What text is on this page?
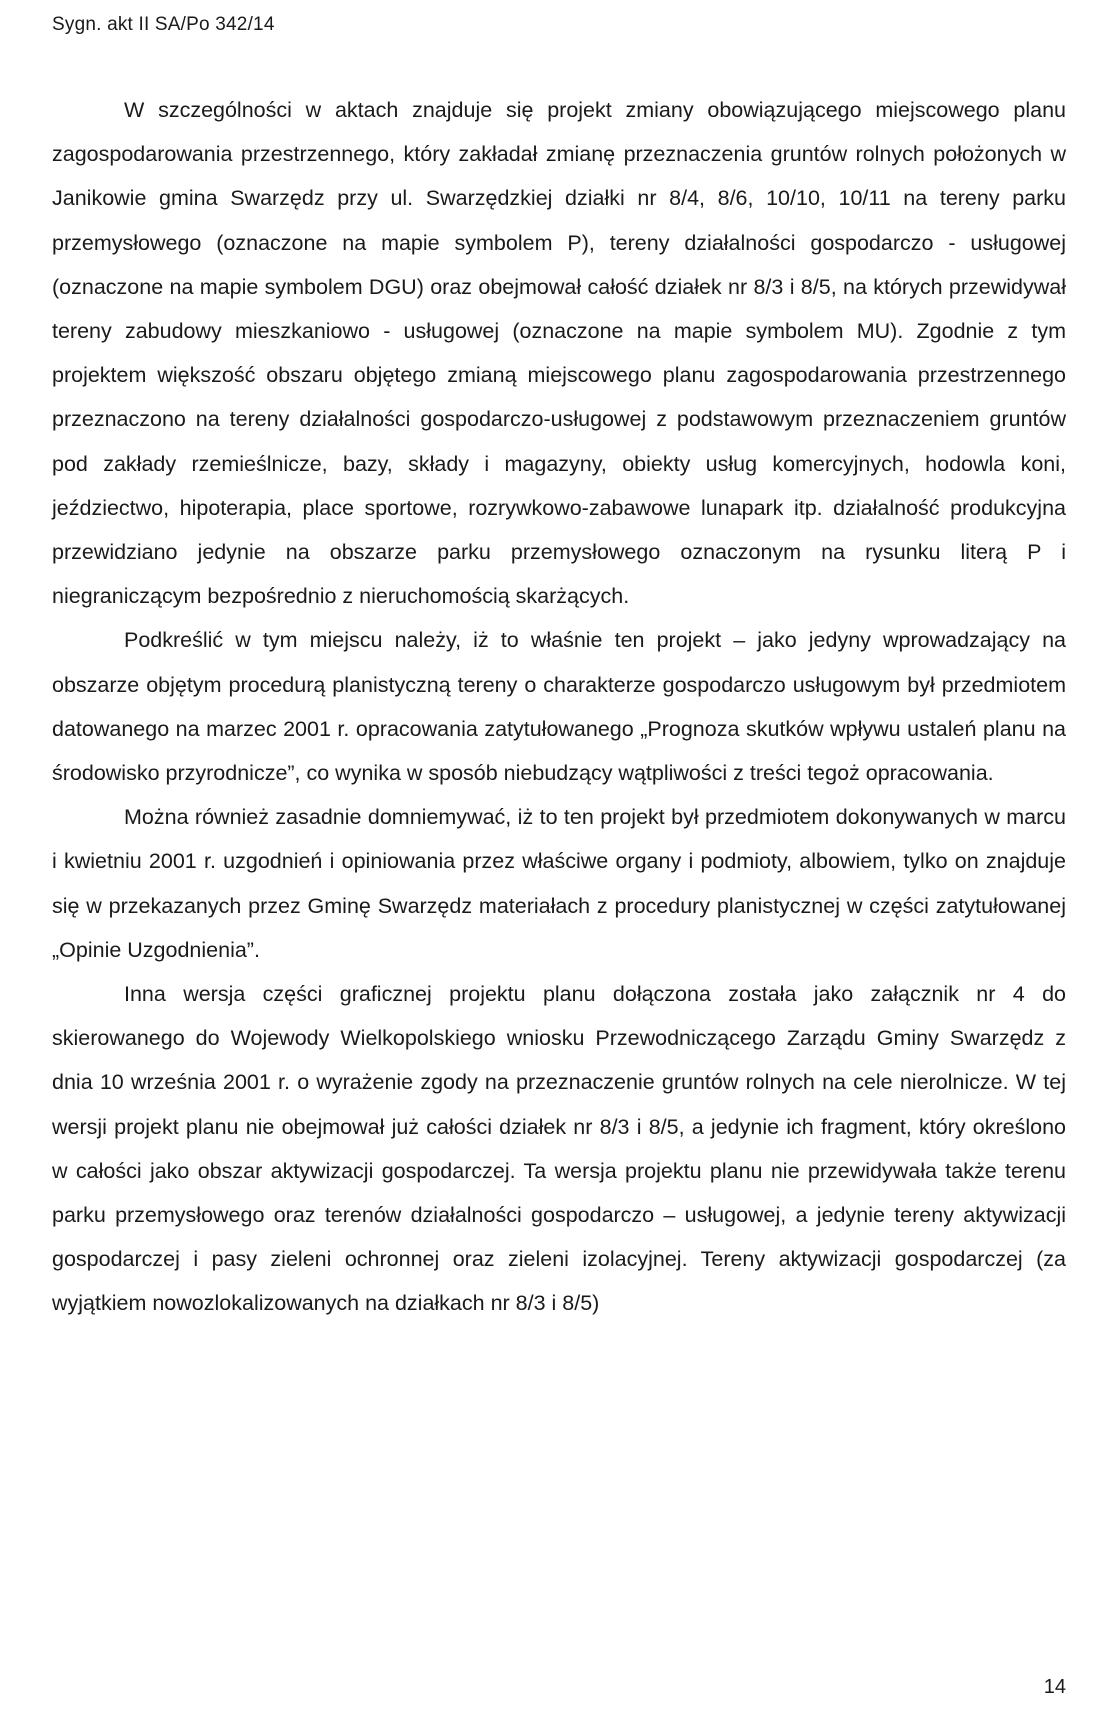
Sygn. akt II SA/Po 342/14

W szczególności w aktach znajduje się projekt zmiany obowiązującego miejscowego planu zagospodarowania przestrzennego, który zakładał zmianę przeznaczenia gruntów rolnych położonych w Janikowie gmina Swarzędz przy ul. Swarzędzkiej działki nr 8/4, 8/6, 10/10, 10/11 na tereny parku przemysłowego (oznaczone na mapie symbolem P), tereny działalności gospodarczo - usługowej (oznaczone na mapie symbolem DGU) oraz obejmował całość działek nr 8/3 i 8/5, na których przewidywał tereny zabudowy mieszkaniowo - usługowej (oznaczone na mapie symbolem MU). Zgodnie z tym projektem większość obszaru objętego zmianą miejscowego planu zagospodarowania przestrzennego przeznaczono na tereny działalności gospodarczo-usługowej z podstawowym przeznaczeniem gruntów pod zakłady rzemieślnicze, bazy, składy i magazyny, obiekty usług komercyjnych, hodowla koni, jeździectwo, hipoterapia, place sportowe, rozrywkowo-zabawowe lunapark itp. działalność produkcyjna przewidziano jedynie na obszarze parku przemysłowego oznaczonym na rysunku literą P i niegraniczącym bezpośrednio z nieruchomością skarżących.

Podkreślić w tym miejscu należy, iż to właśnie ten projekt – jako jedyny wprowadzający na obszarze objętym procedurą planistyczną tereny o charakterze gospodarczo usługowym był przedmiotem datowanego na marzec 2001 r. opracowania zatytułowanego „Prognoza skutków wpływu ustaleń planu na środowisko przyrodnicze”, co wynika w sposób niebudzący wątpliwości z treści tegoż opracowania.

Można również zasadnie domniemywać, iż to ten projekt był przedmiotem dokonywanych w marcu i kwietniu 2001 r. uzgodnień i opiniowania przez właściwe organy i podmioty, albowiem, tylko on znajduje się w przekazanych przez Gminę Swarzędz materiałach z procedury planistycznej w części zatytułowanej „Opinie Uzgodnienia”.

Inna wersja części graficznej projektu planu dołączona została jako załącznik nr 4 do skierowanego do Wojewody Wielkopolskiego wniosku Przewodniczącego Zarządu Gminy Swarzędz z dnia 10 września 2001 r. o wyrażenie zgody na przeznaczenie gruntów rolnych na cele nierolnicze. W tej wersji projekt planu nie obejmował już całości działek nr 8/3 i 8/5, a jedynie ich fragment, który określono w całości jako obszar aktywizacji gospodarczej. Ta wersja projektu planu nie przewidywała także terenu parku przemysłowego oraz terenów działalności gospodarczo – usługowej, a jedynie tereny aktywizacji gospodarczej i pasy zieleni ochronnej oraz zieleni izolacyjnej. Tereny aktywizacji gospodarczej (za wyjątkiem nowozlokalizowanych na działkach nr 8/3 i 8/5)

14
